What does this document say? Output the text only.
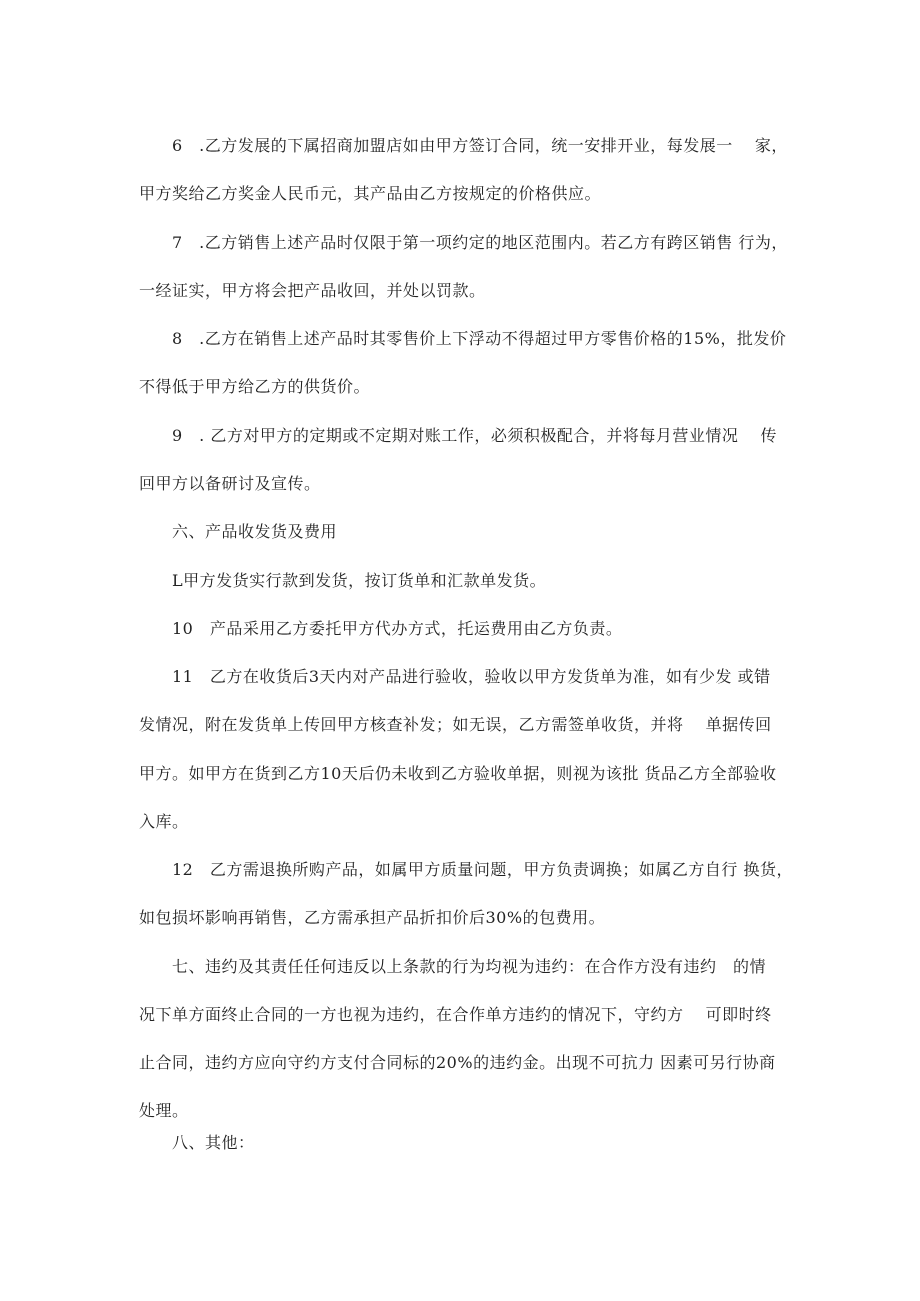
6　.乙方发展的下属招商加盟店如由甲方签订合同，统一安排开业，每发展一　 家，
甲方奖给乙方奖金人民币元，其产品由乙方按规定的价格供应。
7　.乙方销售上述产品时仅限于第一项约定的地区范围内。若乙方有跨区销售 行为，
一经证实，甲方将会把产品收回，并处以罚款。
8　.乙方在销售上述产品时其零售价上下浮动不得超过甲方零售价格的15%，批发价
不得低于甲方给乙方的供货价。
9　. 乙方对甲方的定期或不定期对账工作，必须积极配合，并将每月营业情况　 传
回甲方以备研讨及宣传。
六、产品收发货及费用
L甲方发货实行款到发货，按订货单和汇款单发货。
10　产品采用乙方委托甲方代办方式，托运费用由乙方负责。
11　乙方在收货后3天内对产品进行验收，验收以甲方发货单为准，如有少发 或错
发情况，附在发货单上传回甲方核查补发；如无误，乙方需签单收货，并将 　单据传回
甲方。如甲方在货到乙方10天后仍未收到乙方验收单据，则视为该批 货品乙方全部验收
入库。
12　乙方需退换所购产品，如属甲方质量问题，甲方负责调换；如属乙方自行 换货，
如包损坏影响再销售，乙方需承担产品折扣价后30%的包费用。
七、违约及其责任任何违反以上条款的行为均视为违约：在合作方没有违约　的情
况下单方面终止合同的一方也视为违约，在合作单方违约的情况下，守约方　 可即时终
止合同，违约方应向守约方支付合同标的20%的违约金。出现不可抗力 因素可另行协商
处理。
八、其他：
